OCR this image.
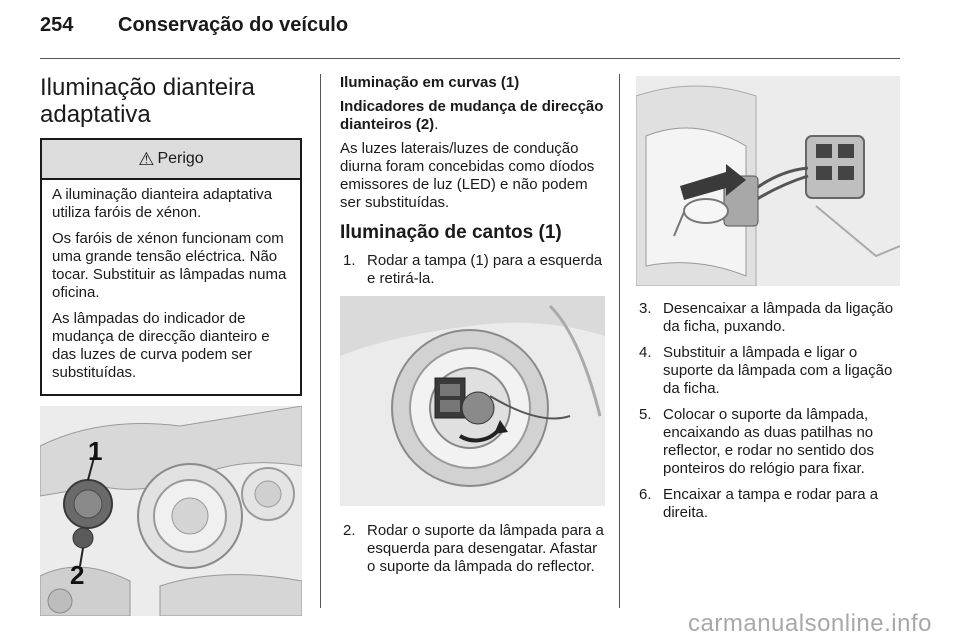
254	Conservação do veículo
Iluminação dianteira adaptativa
⚠ Perigo

A iluminação dianteira adaptativa utiliza faróis de xénon.

Os faróis de xénon funcionam com uma grande tensão eléctrica. Não tocar. Substituir as lâmpadas numa oficina.

As lâmpadas do indicador de mudança de direcção dianteiro e das luzes de curva podem ser substituídas.

1
2

Iluminação em curvas (1)

Indicadores de mudança de direcção dianteiros (2).

As luzes laterais/luzes de condução diurna foram concebidas como díodos emissores de luz (LED) e não podem ser substituídas.

Iluminação de cantos (1)
1. Rodar a tampa (1) para a esquerda e retirá-la.
2. Rodar o suporte da lâmpada para a esquerda para desengatar. Afastar o suporte da lâmpada do reflector.
3. Desencaixar a lâmpada da ligação da ficha, puxando.
4. Substituir a lâmpada e ligar o suporte da lâmpada com a ligação da ficha.
5. Colocar o suporte da lâmpada, encaixando as duas patilhas no reflector, e rodar no sentido dos ponteiros do relógio para fixar.
6. Encaixar a tampa e rodar para a direita.
carmanualsonline.info
